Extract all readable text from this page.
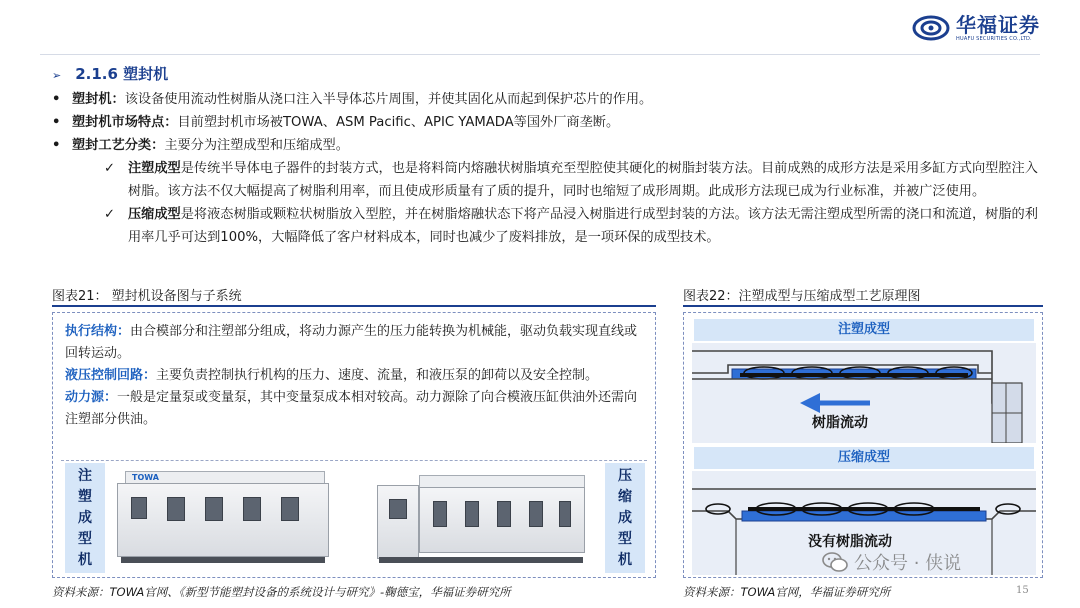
华福证券
HUAFU SECURITIES CO.,LTD.
➢ 2.1.6 塑封机
• 塑封机：该设备使用流动性树脂从浇口注入半导体芯片周围，并使其固化从而起到保护芯片的作用。
• 塑封机市场特点：目前塑封机市场被TOWA、ASM Pacific、APIC YAMADA等国外厂商垄断。
• 塑封工艺分类：主要分为注塑成型和压缩成型。
✓ 注塑成型是传统半导体电子器件的封装方式，也是将料筒内熔融状树脂填充至型腔使其硬化的树脂封装方法。目前成熟的成形方法是采用多缸方式向型腔注入树脂。该方法不仅大幅提高了树脂利用率，而且使成形质量有了质的提升，同时也缩短了成形周期。此成形方法现已成为行业标准，并被广泛使用。
✓ 压缩成型是将液态树脂或颗粒状树脂放入型腔，并在树脂熔融状态下将产品浸入树脂进行成型封装的方法。该方法无需注塑成型所需的浇口和流道，树脂的利用率几乎可达到100%，大幅降低了客户材料成本，同时也减少了废料排放，是一项环保的成型技术。
图表21： 塑封机设备图与子系统	图表22：注塑成型与压缩成型工艺原理图
执行结构：由合模部分和注塑部分组成，将动力源产生的压力能转换为机械能，驱动负载实现直线或回转运动。
液压控制回路：主要负责控制执行机构的压力、速度、流量，和液压泵的卸荷以及安全控制。
动力源：一般是定量泵或变量泵，其中变量泵成本相对较高。动力源除了向合模液压缸供油外还需向注塑部分供油。
注
塑
成
型
机
TOWA	压
缩
成
型
机
注塑成型
树脂流动
压缩成型
没有树脂流动
公众号 · 侠说
资料来源：TOWA官网、《新型节能塑封设备的系统设计与研究》-鞠德宝，华福证券研究所	资料来源：TOWA官网，华福证券研究所	15
